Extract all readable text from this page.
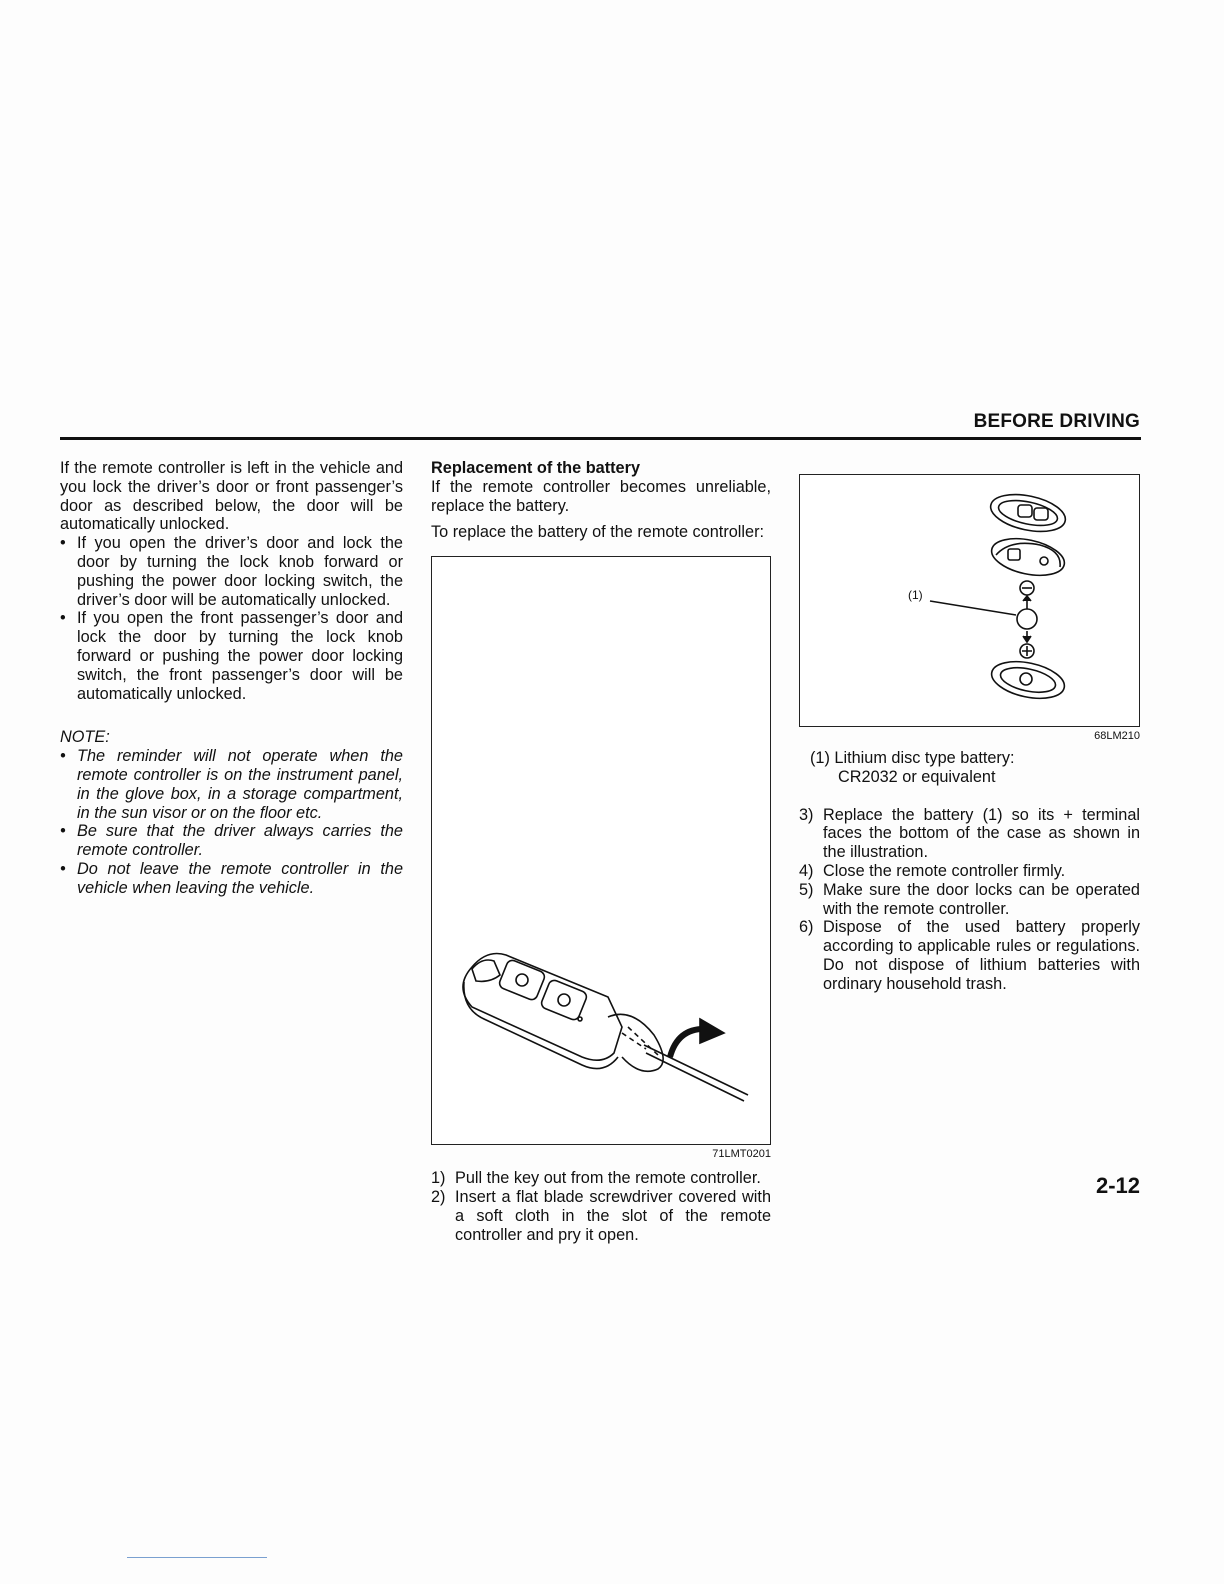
BEFORE DRIVING

If the remote controller is left in the vehicle and you lock the driver’s door or front passenger’s door as described below, the door will be automatically unlocked.

• If you open the driver’s door and lock the door by turning the lock knob forward or pushing the power door locking switch, the driver’s door will be automatically unlocked.
• If you open the front passenger’s door and lock the door by turning the lock knob forward or pushing the power door locking switch, the front passenger’s door will be automatically unlocked.
NOTE:
• The reminder will not operate when the remote controller is on the instrument panel, in the glove box, in a storage compartment, in the sun visor or on the floor etc.
• Be sure that the driver always carries the remote controller.
• Do not leave the remote controller in the vehicle when leaving the vehicle.
Replacement of the battery

If the remote controller becomes unreliable, replace the battery.

To replace the battery of the remote controller:

71LMT0201
1) Pull the key out from the remote controller.
2) Insert a flat blade screwdriver covered with a soft cloth in the slot of the remote controller and pry it open.
(1)
68LM210
(1) Lithium disc type battery:
CR2032 or equivalent
3) Replace the battery (1) so its + terminal faces the bottom of the case as shown in the illustration.
4) Close the remote controller firmly.
5) Make sure the door locks can be operated with the remote controller.
6) Dispose of the used battery properly according to applicable rules or regulations. Do not dispose of lithium batteries with ordinary household trash.
2-12
